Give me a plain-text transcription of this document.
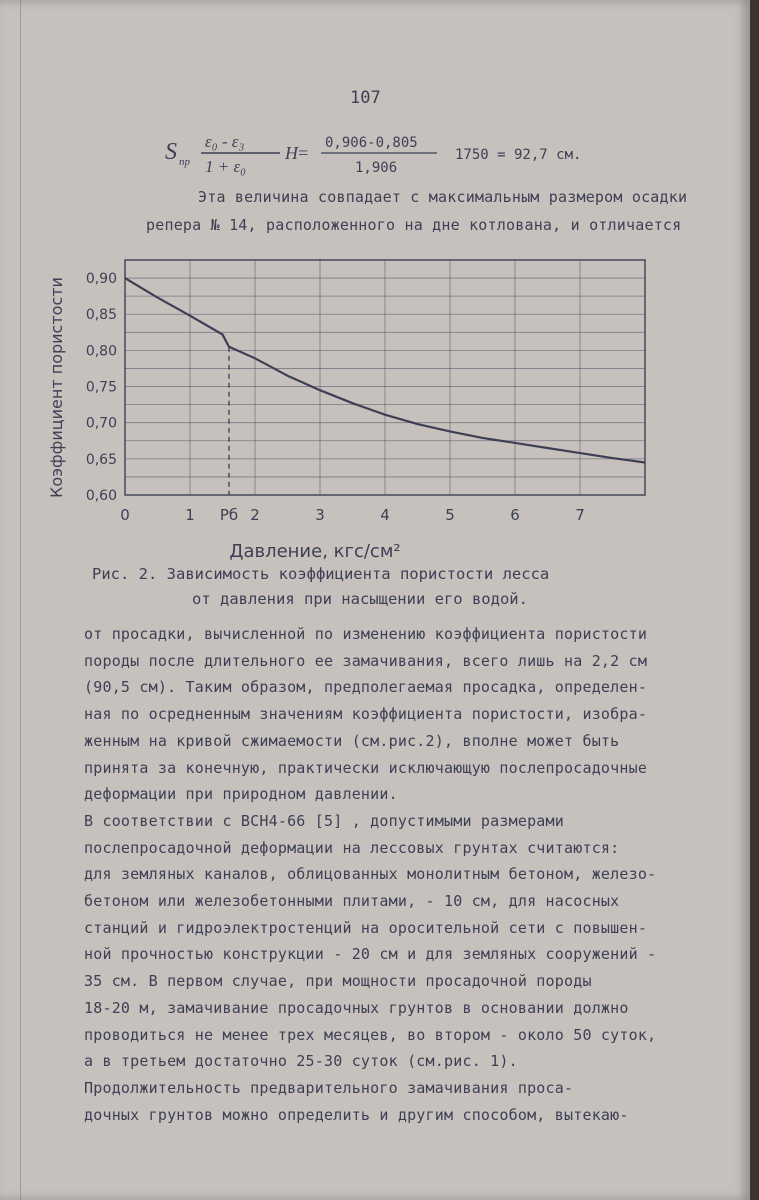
107
S пр
ε₀ - ε₃
1 + ε₀
H = 0,906-0,805
1,906
1750 = 92,7 см.
Эта величина совпадает с максимальным размером осадки
репера № 14, расположенного на дне котлована, и отличается
0,90
0,85
0,80
0,75
0,70
0,65
0,60
0	1 Рб 2	3	4	5	6	7
Давление, кгс/см²
Коэффициент пористости
Рис. 2. Зависимость коэффициента пористости лесса
от давления при насыщении его водой.
от просадки, вычисленной по изменению коэффициента пористости
породы после длительного ее замачивания, всего лишь на 2,2 см
(90,5 см). Таким образом, предполегаемая просадка, определен-
ная по осредненным значениям коэффициента пористости, изобра-
женным на кривой сжимаемости (см.рис.2), вполне может быть
принята за конечную, практически исключающую послепросадочные
деформации при природном давлении.
В соответствии с ВСН4-66 [5] , допустимыми размерами
послепросадочной деформации на лессовых грунтах считаются:
для земляных каналов, облицованных монолитным бетоном, железо-
бетоном или железобетонными плитами, - 10 см, для насосных
станций и гидроэлектростенций на оросительной сети с повышен-
ной прочностью конструкции - 20 см и для земляных сооружений -
35 см. В первом случае, при мощности просадочной породы
18-20 м, замачивание просадочных грунтов в основании должно
проводиться не менее трех месяцев, во втором - около 50 суток,
а в третьем достаточно 25-30 суток (см.рис. 1).
Продолжительность предварительного замачивания проса-
дочных грунтов можно определить и другим способом, вытекаю-
